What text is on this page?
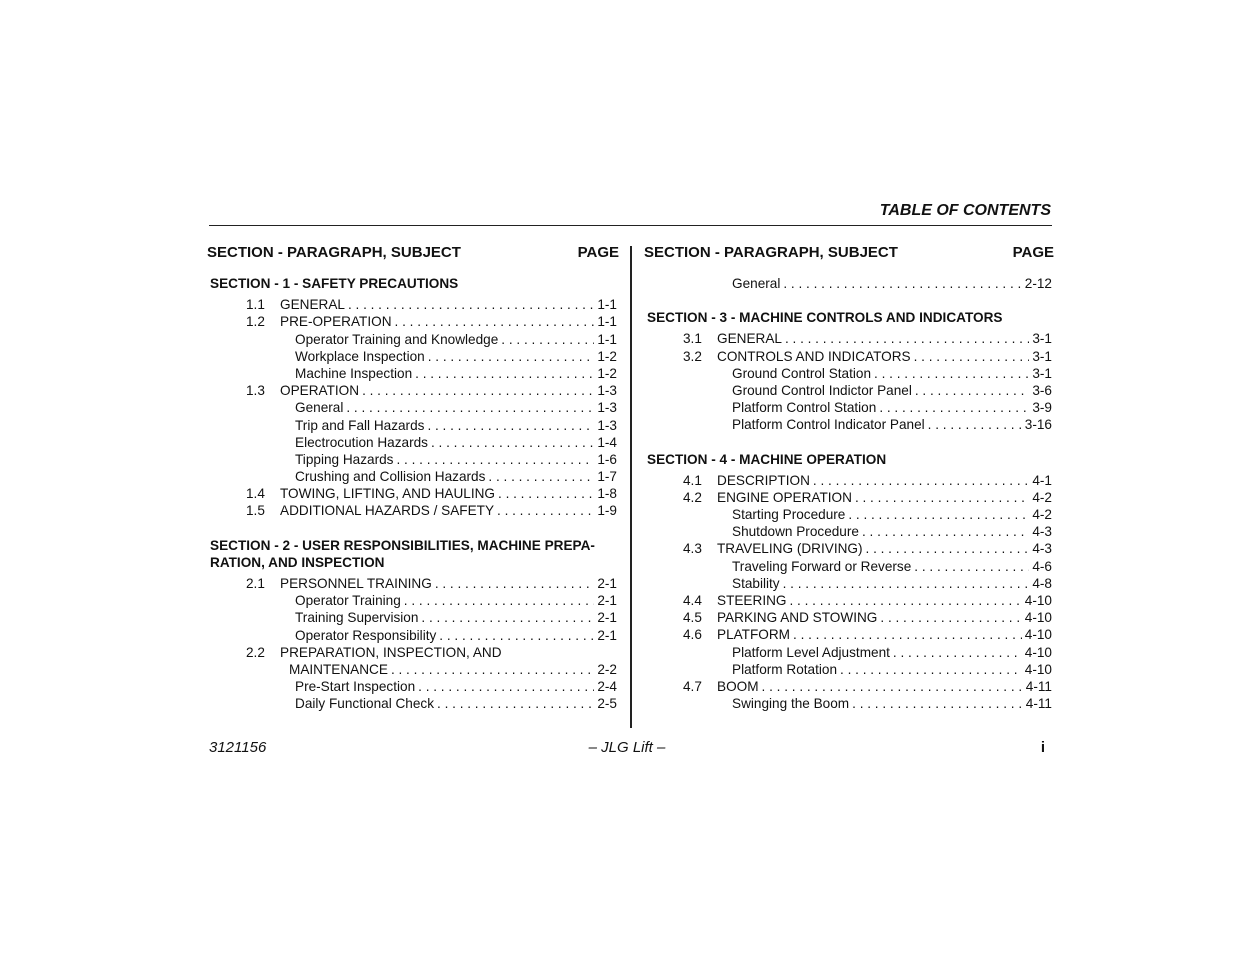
TABLE OF CONTENTS
SECTION - PARAGRAPH, SUBJECT	PAGE
SECTION - 1 - SAFETY PRECAUTIONS
1.1	GENERAL . . .	1-1
1.2	PRE-OPERATION . . .	1-1
Operator Training and Knowledge . . .	1-1
Workplace Inspection . . .	1-2
Machine Inspection . . .	1-2
1.3	OPERATION . . .	1-3
General . . .	1-3
Trip and Fall Hazards . . .	1-3
Electrocution Hazards . . .	1-4
Tipping Hazards . . .	1-6
Crushing and Collision Hazards . . .	1-7
1.4	TOWING, LIFTING, AND HAULING . . .	1-8
1.5	ADDITIONAL HAZARDS / SAFETY . . .	1-9
SECTION - 2 - USER RESPONSIBILITIES, MACHINE PREPA-
RATION, AND INSPECTION
2.1	PERSONNEL TRAINING . . .	2-1
Operator Training . . .	2-1
Training Supervision . . .	2-1
Operator Responsibility . . .	2-1
2.2	PREPARATION, INSPECTION, AND
MAINTENANCE . . .	2-2
Pre-Start Inspection . . .	2-4
Daily Functional Check . . .	2-5
SECTION - PARAGRAPH, SUBJECT	PAGE
General . . .	2-12
SECTION - 3 - MACHINE CONTROLS AND INDICATORS
3.1	GENERAL . . .	3-1
3.2	CONTROLS AND INDICATORS . . .	3-1
Ground Control Station . . .	3-1
Ground Control Indictor Panel . . .	3-6
Platform Control Station . . .	3-9
Platform Control Indicator Panel . . .	3-16
SECTION - 4 - MACHINE OPERATION
4.1	DESCRIPTION . . .	4-1
4.2	ENGINE OPERATION . . .	4-2
Starting Procedure . . .	4-2
Shutdown Procedure . . .	4-3
4.3	TRAVELING (DRIVING) . . .	4-3
Traveling Forward or Reverse . . .	4-6
Stability . . .	4-8
4.4	STEERING . . .	4-10
4.5	PARKING AND STOWING . . .	4-10
4.6	PLATFORM . . .	4-10
Platform Level Adjustment . . .	4-10
Platform Rotation . . .	4-10
4.7	BOOM . . .	4-11
Swinging the Boom . . .	4-11
3121156	– JLG Lift –	i
